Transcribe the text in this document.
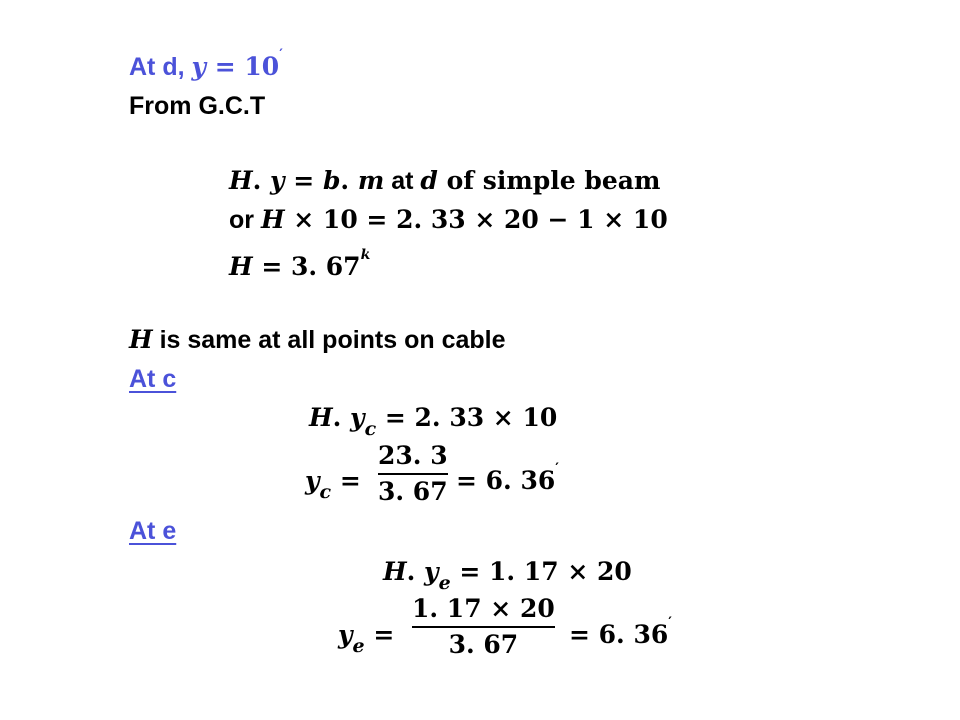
At d, y = 10′
From G.C.T
H. y = b. m at d of simple beam
or H × 10 = 2. 33 × 20 − 1 × 10
H = 3. 67$^k$
H is same at all points on cable
At c
H. $y_c = 2$. 33 × 10
$y_c$ =
23. 3
3. 67 = 6. 36′
At e
H. $y_e = 1$. 17 × 20
$y_e$ =
1. 17 × 20
3. 67 = 6. 36′
